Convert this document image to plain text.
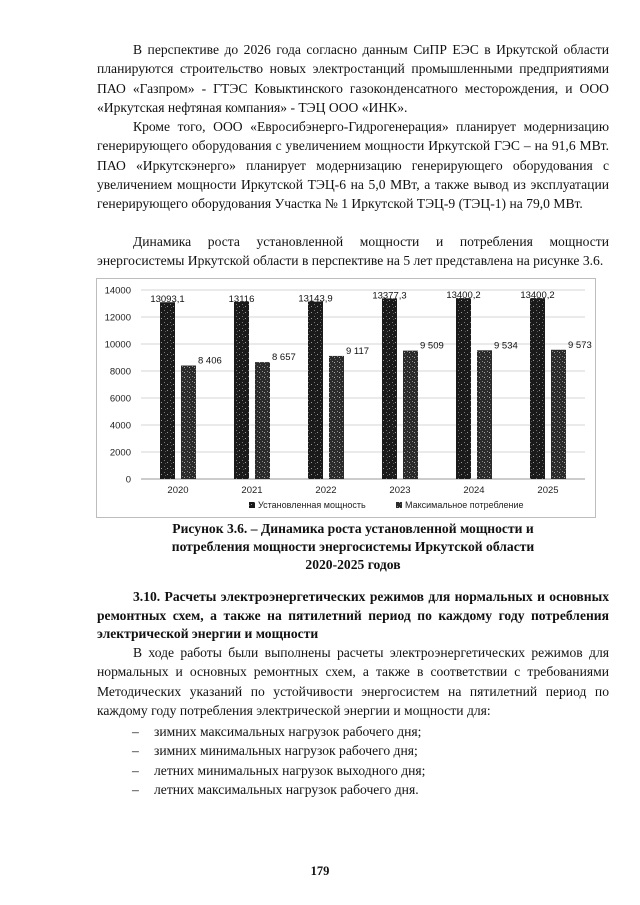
В перспективе до 2026 года согласно данным СиПР ЕЭС в Иркутской области планируются строительство новых электростанций промышленными предприятиями ПАО «Газпром» - ГТЭС Ковыктинского газоконденсатного месторождения, и ООО «Иркутская нефтяная компания» - ТЭЦ ООО «ИНК».

Кроме того, ООО «Евросибэнерго-Гидрогенерация» планирует модернизацию генерирующего оборудования с увеличением мощности Иркутской ГЭС – на 91,6 МВт. ПАО «Иркутскэнерго» планирует модернизацию генерирующего оборудования с увеличением мощности Иркутской ТЭЦ-6 на 5,0 МВт, а также вывод из эксплуатации генерирующего оборудования Участка № 1 Иркутской ТЭЦ-9 (ТЭЦ-1) на 79,0 МВт.

Динамика роста установленной мощности и потребления мощности энергосистемы Иркутской области в перспективе на 5 лет представлена на рисунке 3.6.

0
2000
4000
6000
8000
10000
12000
14000
13093,1
8 406
13116
8 657
13143,9
9 117
13377,3
9 509
13400,2
9 534
13400,2
9 573
2020	2021	2022	2023	2024	2025
Установленная мощность	Максимальное потребление
Рисунок 3.6. – Динамика роста установленной мощности и
потребления мощности энергосистемы Иркутской области
2020-2025 годов
3.10. Расчеты электроэнергетических режимов для нормальных и основных ремонтных схем, а также на пятилетний период по каждому году потребления электрической энергии и мощности

В ходе работы были выполнены расчеты электроэнергетических режимов для нормальных и основных ремонтных схем, а также в соответствии с требованиями Методических указаний по устойчивости энергосистем на пятилетний период по каждому году потребления электрической энергии и мощности для:

– зимних максимальных нагрузок рабочего дня;
– зимних минимальных нагрузок рабочего дня;
– летних минимальных нагрузок выходного дня;
– летних максимальных нагрузок рабочего дня.
179
